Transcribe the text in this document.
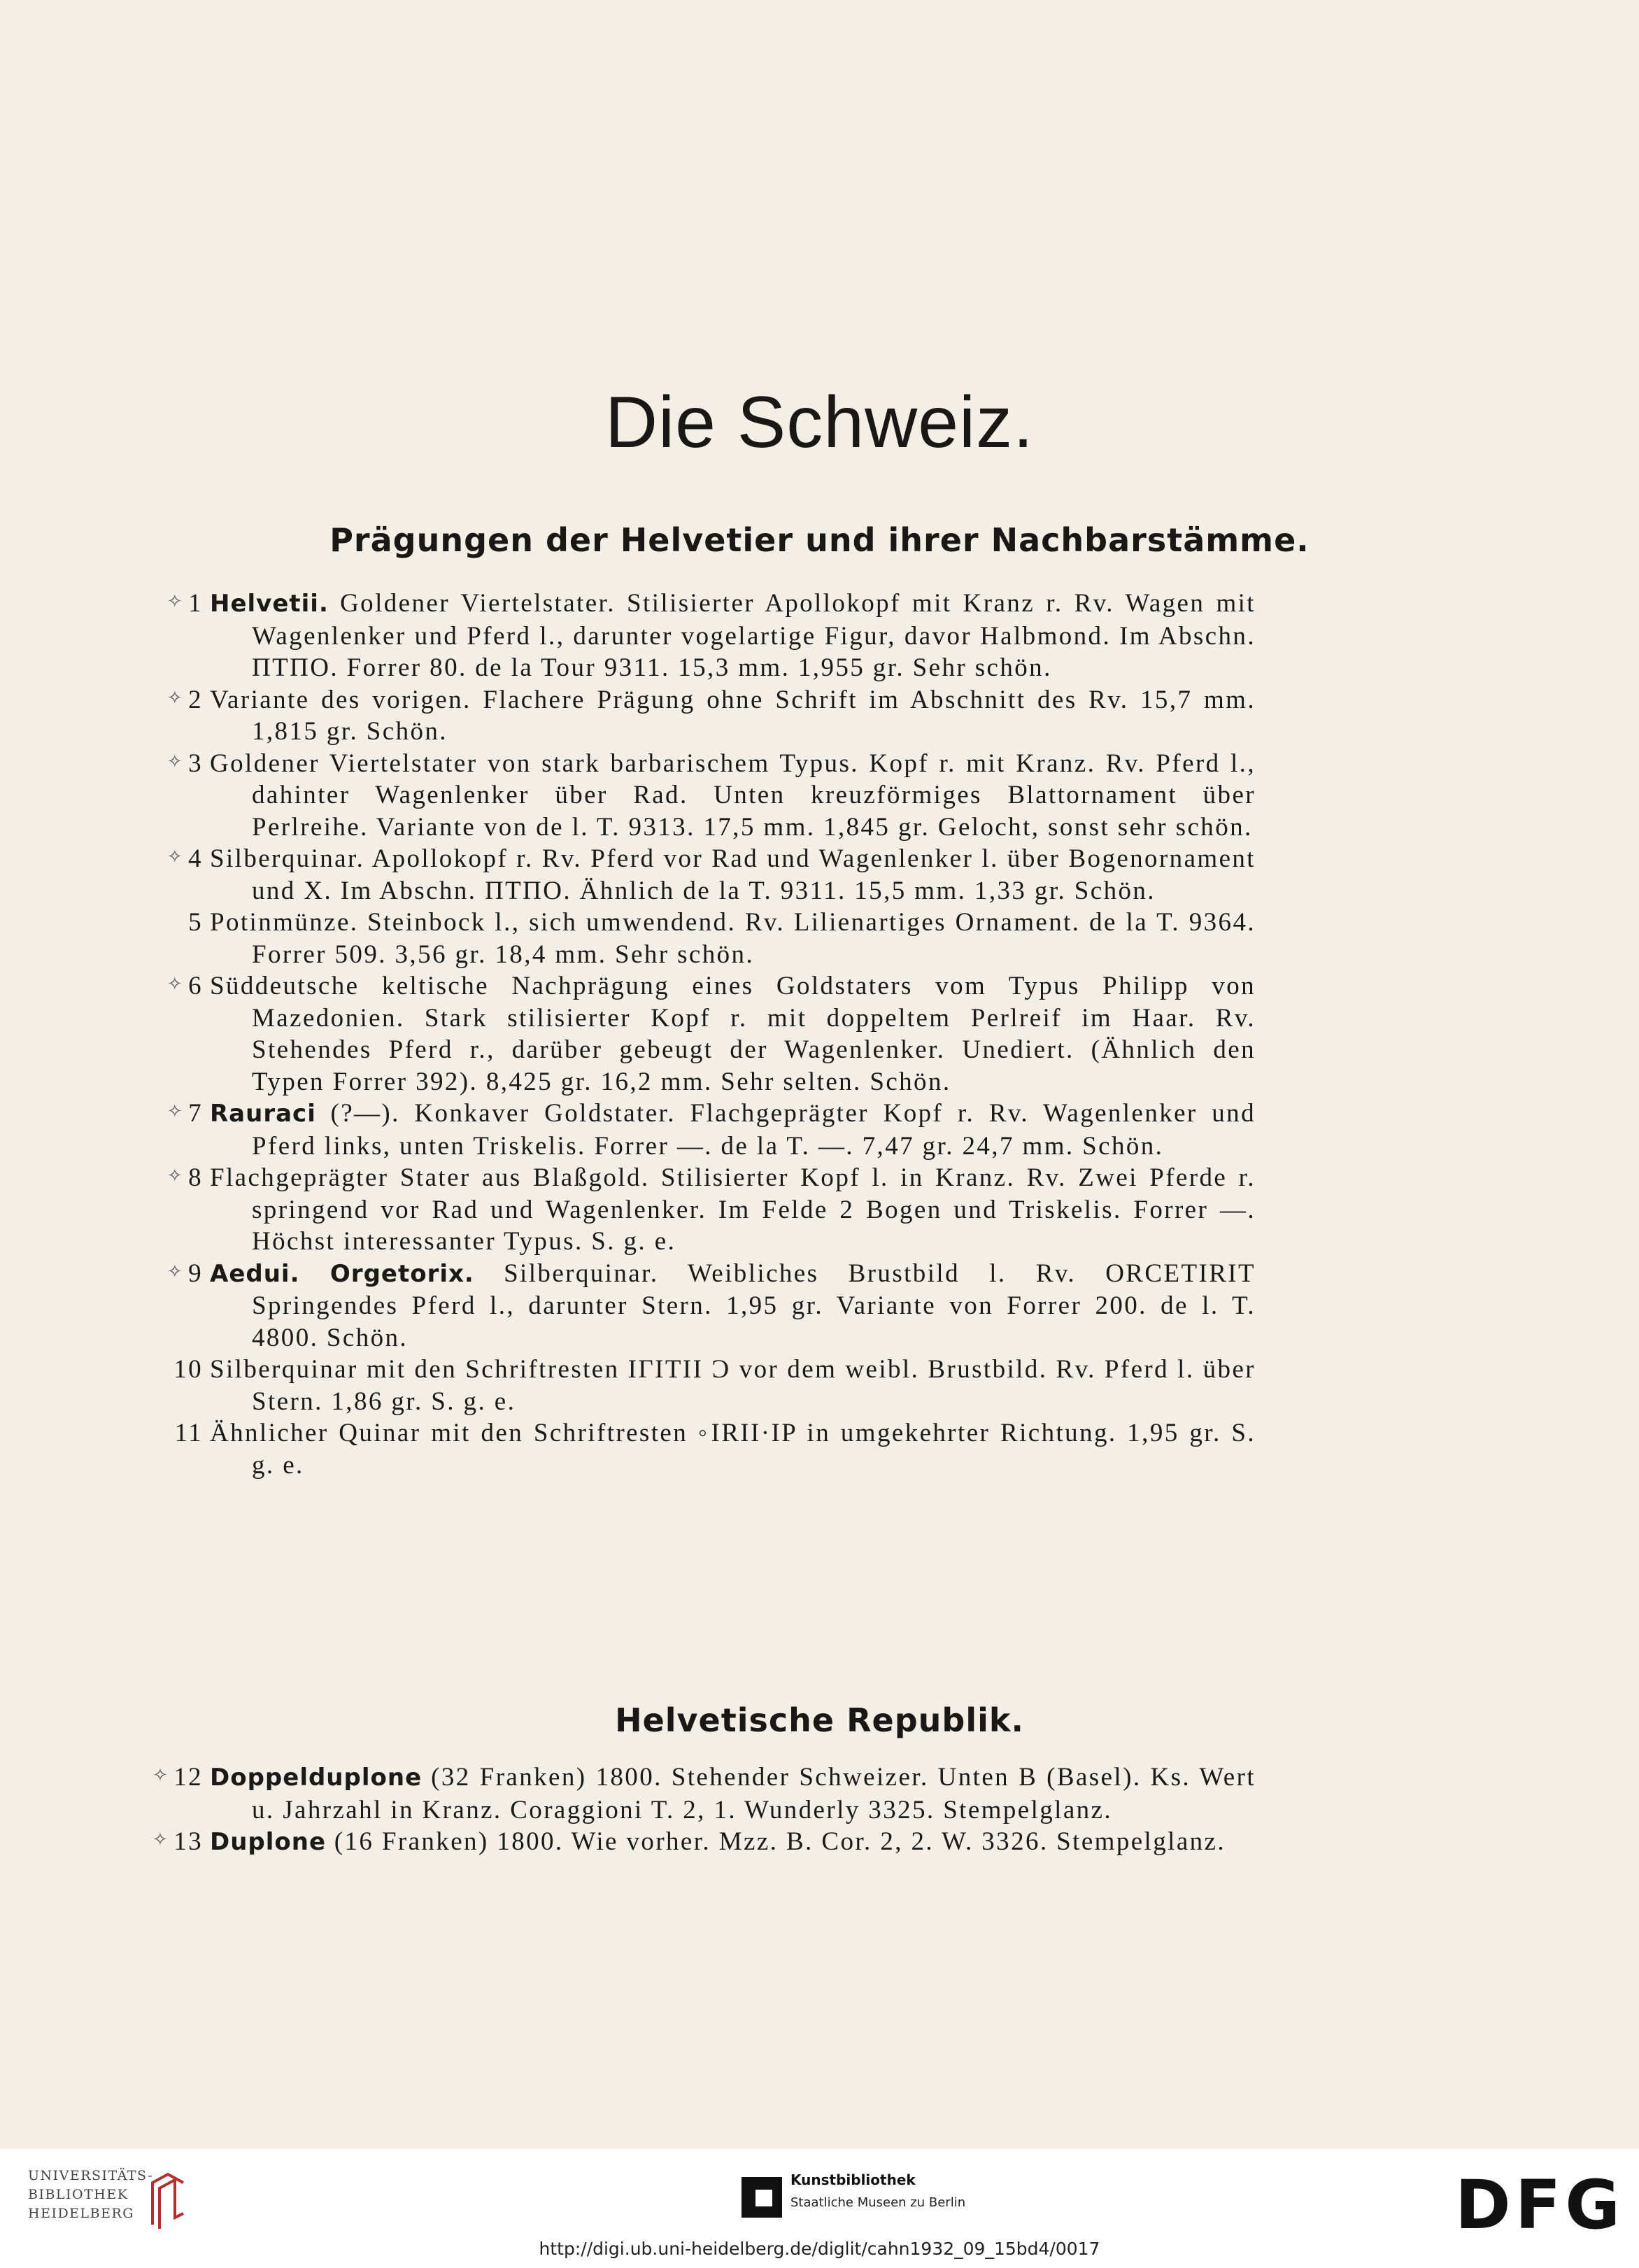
Die Schweiz.
Prägungen der Helvetier und ihrer Nachbarstämme.
✧ 1 Helvetii. Goldener Viertelstater. Stilisierter Apollokopf mit Kranz r. Rv. Wagen mit Wagenlenker und Pferd l., darunter vogelartige Figur, davor Halbmond. Im Abschn. ΠΤΠΟ. Forrer 80. de la Tour 9311. 15,3 mm. 1,955 gr. Sehr schön.
✧ 2 Variante des vorigen. Flachere Prägung ohne Schrift im Abschnitt des Rv. 15,7 mm. 1,815 gr. Schön.
✧ 3 Goldener Viertelstater von stark barbarischem Typus. Kopf r. mit Kranz. Rv. Pferd l., dahinter Wagenlenker über Rad. Unten kreuzförmiges Blattornament über Perlreihe. Variante von de l. T. 9313. 17,5 mm. 1,845 gr. Gelocht, sonst sehr schön.
✧ 4 Silberquinar. Apollokopf r. Rv. Pferd vor Rad und Wagenlenker l. über Bogenornament und X. Im Abschn. ΠΤΠΟ. Ähnlich de la T. 9311. 15,5 mm. 1,33 gr. Schön.
5 Potinmünze. Steinbock l., sich umwendend. Rv. Lilienartiges Ornament. de la T. 9364. Forrer 509. 3,56 gr. 18,4 mm. Sehr schön.
✧ 6 Süddeutsche keltische Nachprägung eines Goldstaters vom Typus Philipp von Mazedonien. Stark stilisierter Kopf r. mit doppeltem Perlreif im Haar. Rv. Stehendes Pferd r., darüber gebeugt der Wagenlenker. Unediert. (Ähnlich den Typen Forrer 392). 8,425 gr. 16,2 mm. Sehr selten. Schön.
✧ 7 Rauraci (?—). Konkaver Goldstater. Flachgeprägter Kopf r. Rv. Wagenlenker und Pferd links, unten Triskelis. Forrer —. de la T. —. 7,47 gr. 24,7 mm. Schön.
✧ 8 Flachgeprägter Stater aus Blaßgold. Stilisierter Kopf l. in Kranz. Rv. Zwei Pferde r. springend vor Rad und Wagenlenker. Im Felde 2 Bogen und Triskelis. Forrer —. Höchst interessanter Typus. S. g. e.
✧ 9 Aedui. Orgetorix. Silberquinar. Weibliches Brustbild l. Rv. ORCETIRIT Springendes Pferd l., darunter Stern. 1,95 gr. Variante von Forrer 200. de l. T. 4800. Schön.
10 Silberquinar mit den Schriftresten IΓITII Ɔ vor dem weibl. Brustbild. Rv. Pferd l. über Stern. 1,86 gr. S. g. e.
11 Ähnlicher Quinar mit den Schriftresten ◦IRII·IP in umgekehrter Richtung. 1,95 gr. S. g. e.
Helvetische Republik.
✧ 12 Doppelduplone (32 Franken) 1800. Stehender Schweizer. Unten B (Basel). Ks. Wert u. Jahrzahl in Kranz. Coraggioni T. 2, 1. Wunderly 3325. Stempelglanz.
✧ 13 Duplone (16 Franken) 1800. Wie vorher. Mzz. B. Cor. 2, 2. W. 3326. Stempelglanz.
UNIVERSITÄTS-
BIBLIOTHEK
HEIDELBERG
Kunstbibliothek
Staatliche Museen zu Berlin	DFG
http://digi.ub.uni-heidelberg.de/diglit/cahn1932_09_15bd4/0017
